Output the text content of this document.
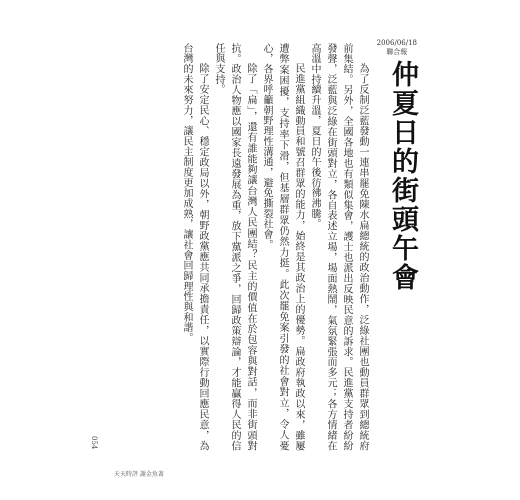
2006/06/18
聯合報
仲夏日的街頭午會

為了反制泛藍發動一連串罷免陳水扁總統的政治動作，泛綠社團也動員群眾到總統府前集結。另外，全國各地也有類似集會，護士也派出反映民意的訴求。民進黨支持者紛紛發聲，泛藍與泛綠在街頭對立，各自表述立場，場面熱鬧，氣氛緊張而多元；各方情緒在高溫中持續升溫，夏日的午後彷彿沸騰。

民進黨組織動員和號召群眾的能力，始終是其政治上的優勢。扁政府執政以來，雖屢遭弊案困擾，支持率下滑，但基層群眾仍然力挺。此次罷免案引發的社會對立，令人憂心，各界呼籲朝野理性溝通，避免撕裂社會。

除了「扁」，還有誰能夠讓台灣人民團結？民主的價值在於包容與對話，而非街頭對抗。政治人物應以國家長遠發展為重，放下黨派之爭，回歸政策辯論，才能贏得人民的信任與支持。

除了安定民心、穩定政局以外，朝野政黨應共同承擔責任，以實際行動回應民意，為台灣的未來努力，讓民主制度更加成熟，讓社會回歸理性與和諧。

054
天天時評 謝金魚著
